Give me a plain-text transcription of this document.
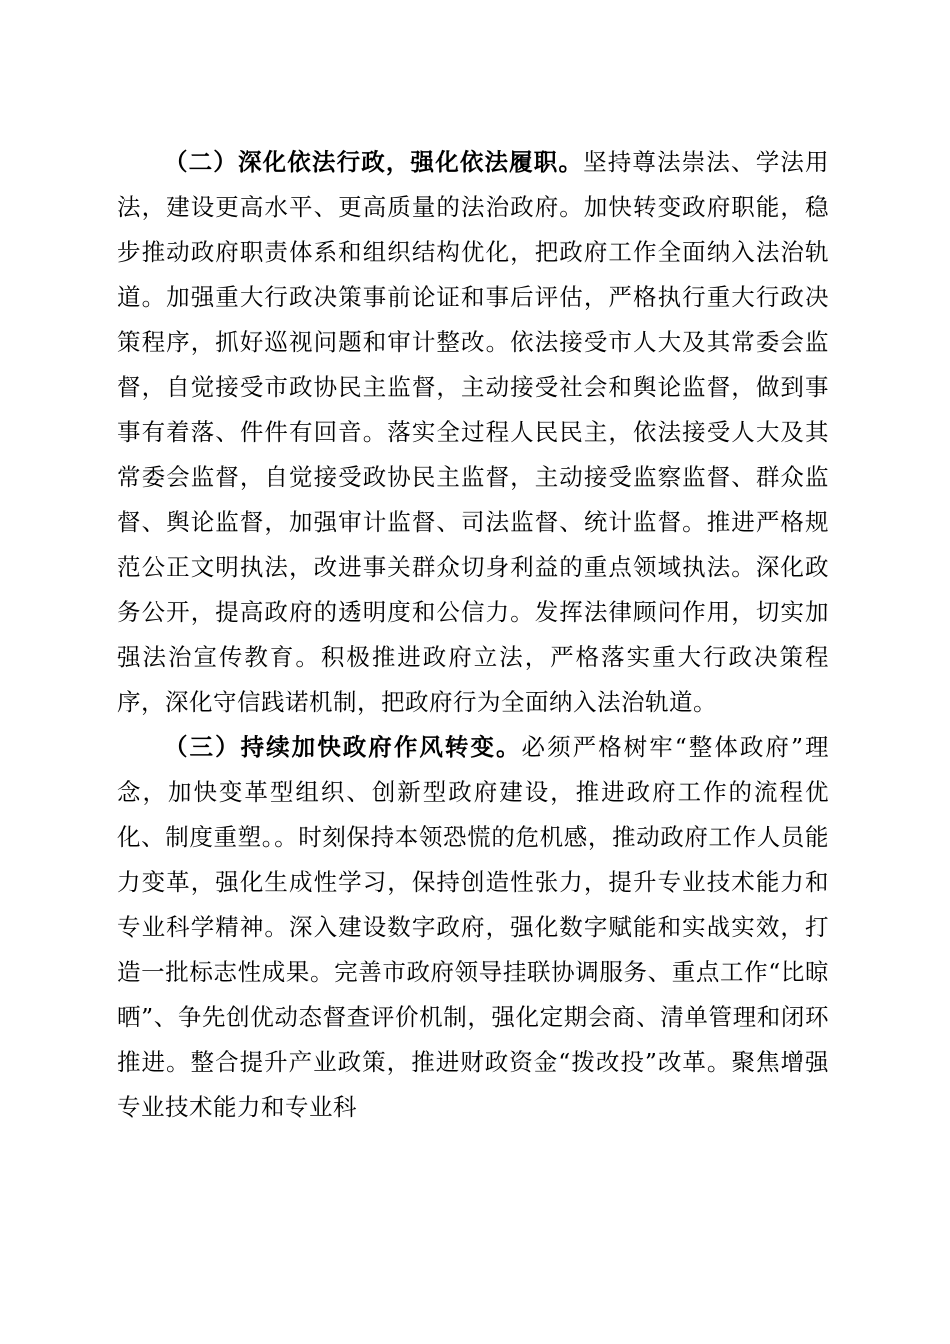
（二）深化依法行政，强化依法履职。坚持尊法崇法、学法用法，建设更高水平、更高质量的法治政府。加快转变政府职能，稳步推动政府职责体系和组织结构优化，把政府工作全面纳入法治轨道。加强重大行政决策事前论证和事后评估，严格执行重大行政决策程序，抓好巡视问题和审计整改。依法接受市人大及其常委会监督，自觉接受市政协民主监督，主动接受社会和舆论监督，做到事事有着落、件件有回音。落实全过程人民民主，依法接受人大及其常委会监督，自觉接受政协民主监督，主动接受监察监督、群众监督、舆论监督，加强审计监督、司法监督、统计监督。推进严格规范公正文明执法，改进事关群众切身利益的重点领域执法。深化政务公开，提高政府的透明度和公信力。发挥法律顾问作用，切实加强法治宣传教育。积极推进政府立法，严格落实重大行政决策程序，深化守信践诺机制，把政府行为全面纳入法治轨道。

（三）持续加快政府作风转变。必须严格树牢“整体政府”理念，加快变革型组织、创新型政府建设，推进政府工作的流程优化、制度重塑。。时刻保持本领恐慌的危机感，推动政府工作人员能力变革，强化生成性学习，保持创造性张力，提升专业技术能力和专业科学精神。深入建设数字政府，强化数字赋能和实战实效，打造一批标志性成果。完善市政府领导挂联协调服务、重点工作“比晾晒”、争先创优动态督查评价机制，强化定期会商、清单管理和闭环推进。整合提升产业政策，推进财政资金“拨改投”改革。聚焦增强专业技术能力和专业科
